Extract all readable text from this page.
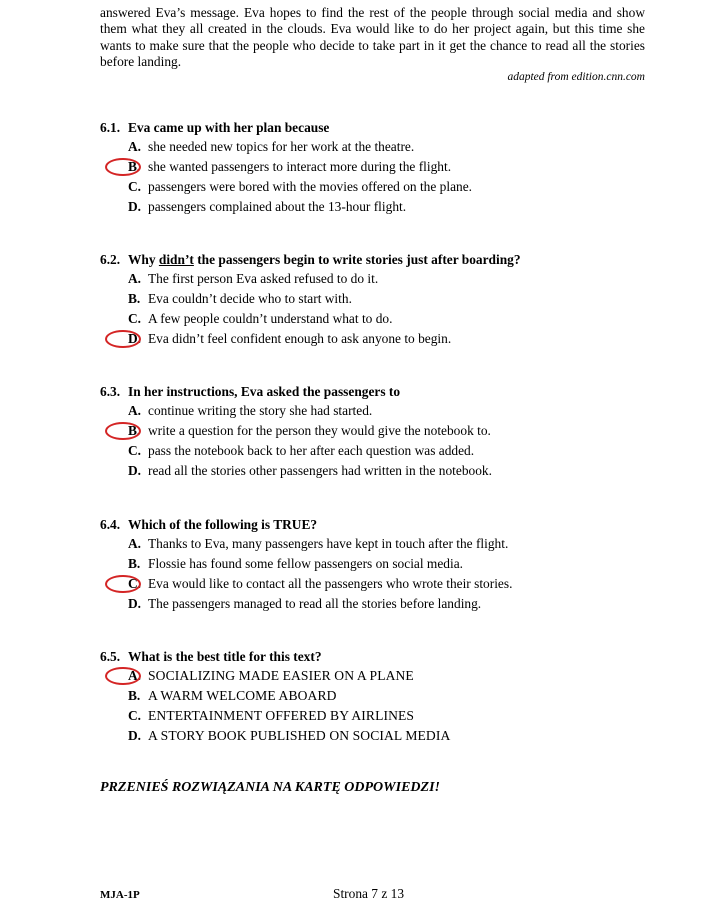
answered Eva’s message. Eva hopes to find the rest of the people through social media and show them what they all created in the clouds. Eva would like to do her project again, but this time she wants to make sure that the people who decide to take part in it get the chance to read all the stories before landing.
adapted from edition.cnn.com
6.1. Eva came up with her plan because
A. she needed new topics for her work at the theatre.
B. she wanted passengers to interact more during the flight.
C. passengers were bored with the movies offered on the plane.
D. passengers complained about the 13-hour flight.
6.2. Why didn’t the passengers begin to write stories just after boarding?
A. The first person Eva asked refused to do it.
B. Eva couldn’t decide who to start with.
C. A few people couldn’t understand what to do.
D. Eva didn’t feel confident enough to ask anyone to begin.
6.3. In her instructions, Eva asked the passengers to
A. continue writing the story she had started.
B. write a question for the person they would give the notebook to.
C. pass the notebook back to her after each question was added.
D. read all the stories other passengers had written in the notebook.
6.4. Which of the following is TRUE?
A. Thanks to Eva, many passengers have kept in touch after the flight.
B. Flossie has found some fellow passengers on social media.
C. Eva would like to contact all the passengers who wrote their stories.
D. The passengers managed to read all the stories before landing.
6.5. What is the best title for this text?
A. SOCIALIZING MADE EASIER ON A PLANE
B. A WARM WELCOME ABOARD
C. ENTERTAINMENT OFFERED BY AIRLINES
D. A STORY BOOK PUBLISHED ON SOCIAL MEDIA
PRZENIEŚ ROZWIĄZANIA NA KARTĘ ODPOWIEDZI!
MJA-1P	Strona 7 z 13
